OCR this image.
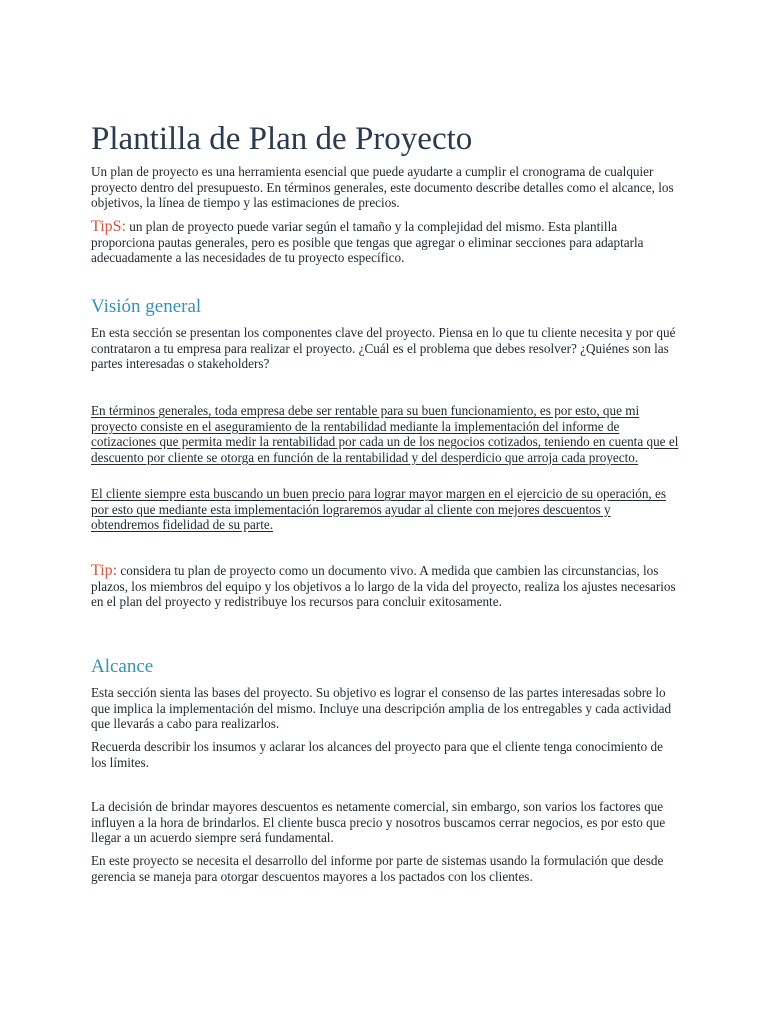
Plantilla de Plan de Proyecto

Un plan de proyecto es una herramienta esencial que puede ayudarte a cumplir el cronograma de cualquier proyecto dentro del presupuesto. En términos generales, este documento describe detalles como el alcance, los objetivos, la línea de tiempo y las estimaciones de precios.

TipS: un plan de proyecto puede variar según el tamaño y la complejidad del mismo. Esta plantilla proporciona pautas generales, pero es posible que tengas que agregar o eliminar secciones para adaptarla adecuadamente a las necesidades de tu proyecto específico.

Visión general

En esta sección se presentan los componentes clave del proyecto. Piensa en lo que tu cliente necesita y por qué contrataron a tu empresa para realizar el proyecto. ¿Cuál es el problema que debes resolver? ¿Quiénes son las partes interesadas o stakeholders?

En términos generales, toda empresa debe ser rentable para su buen funcionamiento, es por esto, que mi proyecto consiste en el aseguramiento de la rentabilidad mediante la implementación del informe de cotizaciones que permita medir la rentabilidad por cada un de los negocios cotizados, teniendo en cuenta que el descuento por cliente se otorga en función de la rentabilidad y del desperdicio que arroja cada proyecto.

El cliente siempre esta buscando un buen precio para lograr mayor margen en el ejercicio de su operación, es por esto que mediante esta implementación lograremos ayudar al cliente con mejores descuentos y obtendremos fidelidad de su parte.

Tip: considera tu plan de proyecto como un documento vivo. A medida que cambien las circunstancias, los plazos, los miembros del equipo y los objetivos a lo largo de la vida del proyecto, realiza los ajustes necesarios en el plan del proyecto y redistribuye los recursos para concluir exitosamente.

Alcance

Esta sección sienta las bases del proyecto. Su objetivo es lograr el consenso de las partes interesadas sobre lo que implica la implementación del mismo. Incluye una descripción amplia de los entregables y cada actividad que llevarás a cabo para realizarlos.

Recuerda describir los insumos y aclarar los alcances del proyecto para que el cliente tenga conocimiento de los límites.

La decisión de brindar mayores descuentos es netamente comercial, sin embargo, son varios los factores que influyen a la hora de brindarlos. El cliente busca precio y nosotros buscamos cerrar negocios, es por esto que llegar a un acuerdo siempre será fundamental.

En este proyecto se necesita el desarrollo del informe por parte de sistemas usando la formulación que desde gerencia se maneja para otorgar descuentos mayores a los pactados con los clientes.
